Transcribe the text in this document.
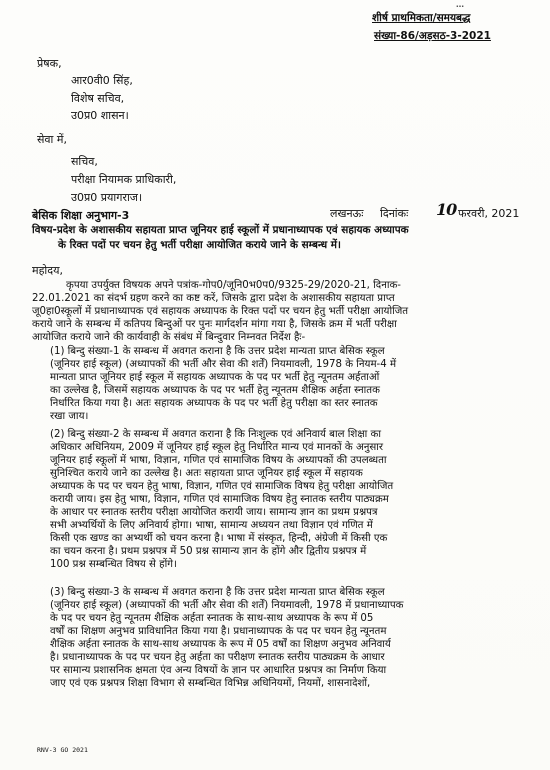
…
शीर्ष प्राथमिकता/समयबद्ध
संख्या-86/अड़सठ-3-2021
प्रेषक,
आर0वी0 सिंह,
विशेष सचिव,
उ0प्र0 शासन।
सेवा में,
सचिव,
परीक्षा नियामक प्राधिकारी,
उ0प्र0 प्रयागराज।
बेसिक शिक्षा अनुभाग-3	लखनऊः दिनांकः 10 फरवरी, 2021
विषय-प्रदेश के अशासकीय सहायता प्राप्त जूनियर हाई स्कूलों में प्रधानाध्यापक एवं सहायक अध्यापक
के रिक्त पदों पर चयन हेतु भर्ती परीक्षा आयोजित कराये जाने के सम्बन्ध में।
महोदय,
कृपया उपर्युक्त विषयक अपने पत्रांक-गोप0/जूनि0भ0प0/9325-29/2020-21, दिनाक-
22.01.2021 का संदर्भ ग्रहण करने का कष्ट करें, जिसके द्वारा प्रदेश के अशासकीय सहायता प्राप्त
जू0हा0स्कूलों में प्रधानाध्यापक एवं सहायक अध्यापक के रिक्त पदों पर चयन हेतु भर्ती परीक्षा आयोजित
कराये जाने के सम्बन्ध में कतिपय बिन्दुओं पर पुनः मार्गदर्शन मांगा गया है, जिसके क्रम में भर्ती परीक्षा
आयोजित कराये जाने की कार्यवाही के संबंध में बिन्दुवार निम्नवत निर्देश हैः-
(1) बिन्दु संख्या-1 के सम्बन्ध में अवगत कराना है कि उत्तर प्रदेश मान्यता प्राप्त बेसिक स्कूल
(जूनियर हाई स्कूल) (अध्यापकों की भर्ती और सेवा की शर्तें) नियमावली, 1978 के नियम-4 में
मान्यता प्राप्त जूनियर हाई स्कूल में सहायक अध्यापक के पद पर भर्ती हेतु न्यूनतम अर्हताओं
का उल्लेख है, जिसमें सहायक अध्यापक के पद पर भर्ती हेतु न्यूनतम शैक्षिक अर्हता स्नातक
निर्धारित किया गया है। अतः सहायक अध्यापक के पद पर भर्ती हेतु परीक्षा का स्तर स्नातक
रखा जाय।
(2) बिन्दु संख्या-2 के सम्बन्ध में अवगत कराना है कि निःशुल्क एवं अनिवार्य बाल शिक्षा का
अधिकार अधिनियम, 2009 में जूनियर हाई स्कूल हेतु निर्धारित मान्य एवं मानकों के अनुसार
जूनियर हाई स्कूलों में भाषा, विज्ञान, गणित एवं सामाजिक विषय के अध्यापकों की उपलब्धता
सुनिश्चित कराये जाने का उल्लेख है। अतः सहायता प्राप्त जूनियर हाई स्कूल में सहायक
अध्यापक के पद पर चयन हेतु भाषा, विज्ञान, गणित एवं सामाजिक विषय हेतु परीक्षा आयोजित
करायी जाय। इस हेतु भाषा, विज्ञान, गणित एवं सामाजिक विषय हेतु स्नातक स्तरीय पाठ्यक्रम
के आधार पर स्नातक स्तरीय परीक्षा आयोजित करायी जाय। सामान्य ज्ञान का प्रथम प्रश्नपत्र
सभी अभ्यर्थियों के लिए अनिवार्य होगा। भाषा, सामान्य अध्ययन तथा विज्ञान एवं गणित में
किसी एक खण्ड का अभ्यर्थी को चयन करना है। भाषा में संस्कृत, हिन्दी, अंग्रेजी में किसी एक
का चयन करना है। प्रथम प्रश्नपत्र में 50 प्रश्न सामान्य ज्ञान के होंगे और द्वितीय प्रश्नपत्र में
100 प्रश्न सम्बन्धित विषय से होंगे।
(3) बिन्दु संख्या-3 के सम्बन्ध में अवगत कराना है कि उत्तर प्रदेश मान्यता प्राप्त बेसिक स्कूल
(जूनियर हाई स्कूल) (अध्यापकों की भर्ती और सेवा की शर्तें) नियमावली, 1978 में प्रधानाध्यापक
के पद पर चयन हेतु न्यूनतम शैक्षिक अर्हता स्नातक के साथ-साथ अध्यापक के रूप में 05
वर्षों का शिक्षण अनुभव प्राविधानित किया गया है। प्रधानाध्यापक के पद पर चयन हेतु न्यूनतम
शैक्षिक अर्हता स्नातक के साथ-साथ अध्यापक के रूप में 05 वर्षों का शिक्षण अनुभव अनिवार्य
है। प्रधानाध्यापक के पद पर चयन हेतु अर्हता का परीक्षण स्नातक स्तरीय पाठ्यक्रम के आधार
पर सामान्य प्रशासनिक क्षमता एंव अन्य विषयों के ज्ञान पर आधारित प्रश्नपत्र का निर्माण किया
जाए एवं एक प्रश्नपत्र शिक्षा विभाग से सम्बन्धित विभिन्न अधिनियमों, नियमों, शासनादेशों,
RNV-3 GO 2021
